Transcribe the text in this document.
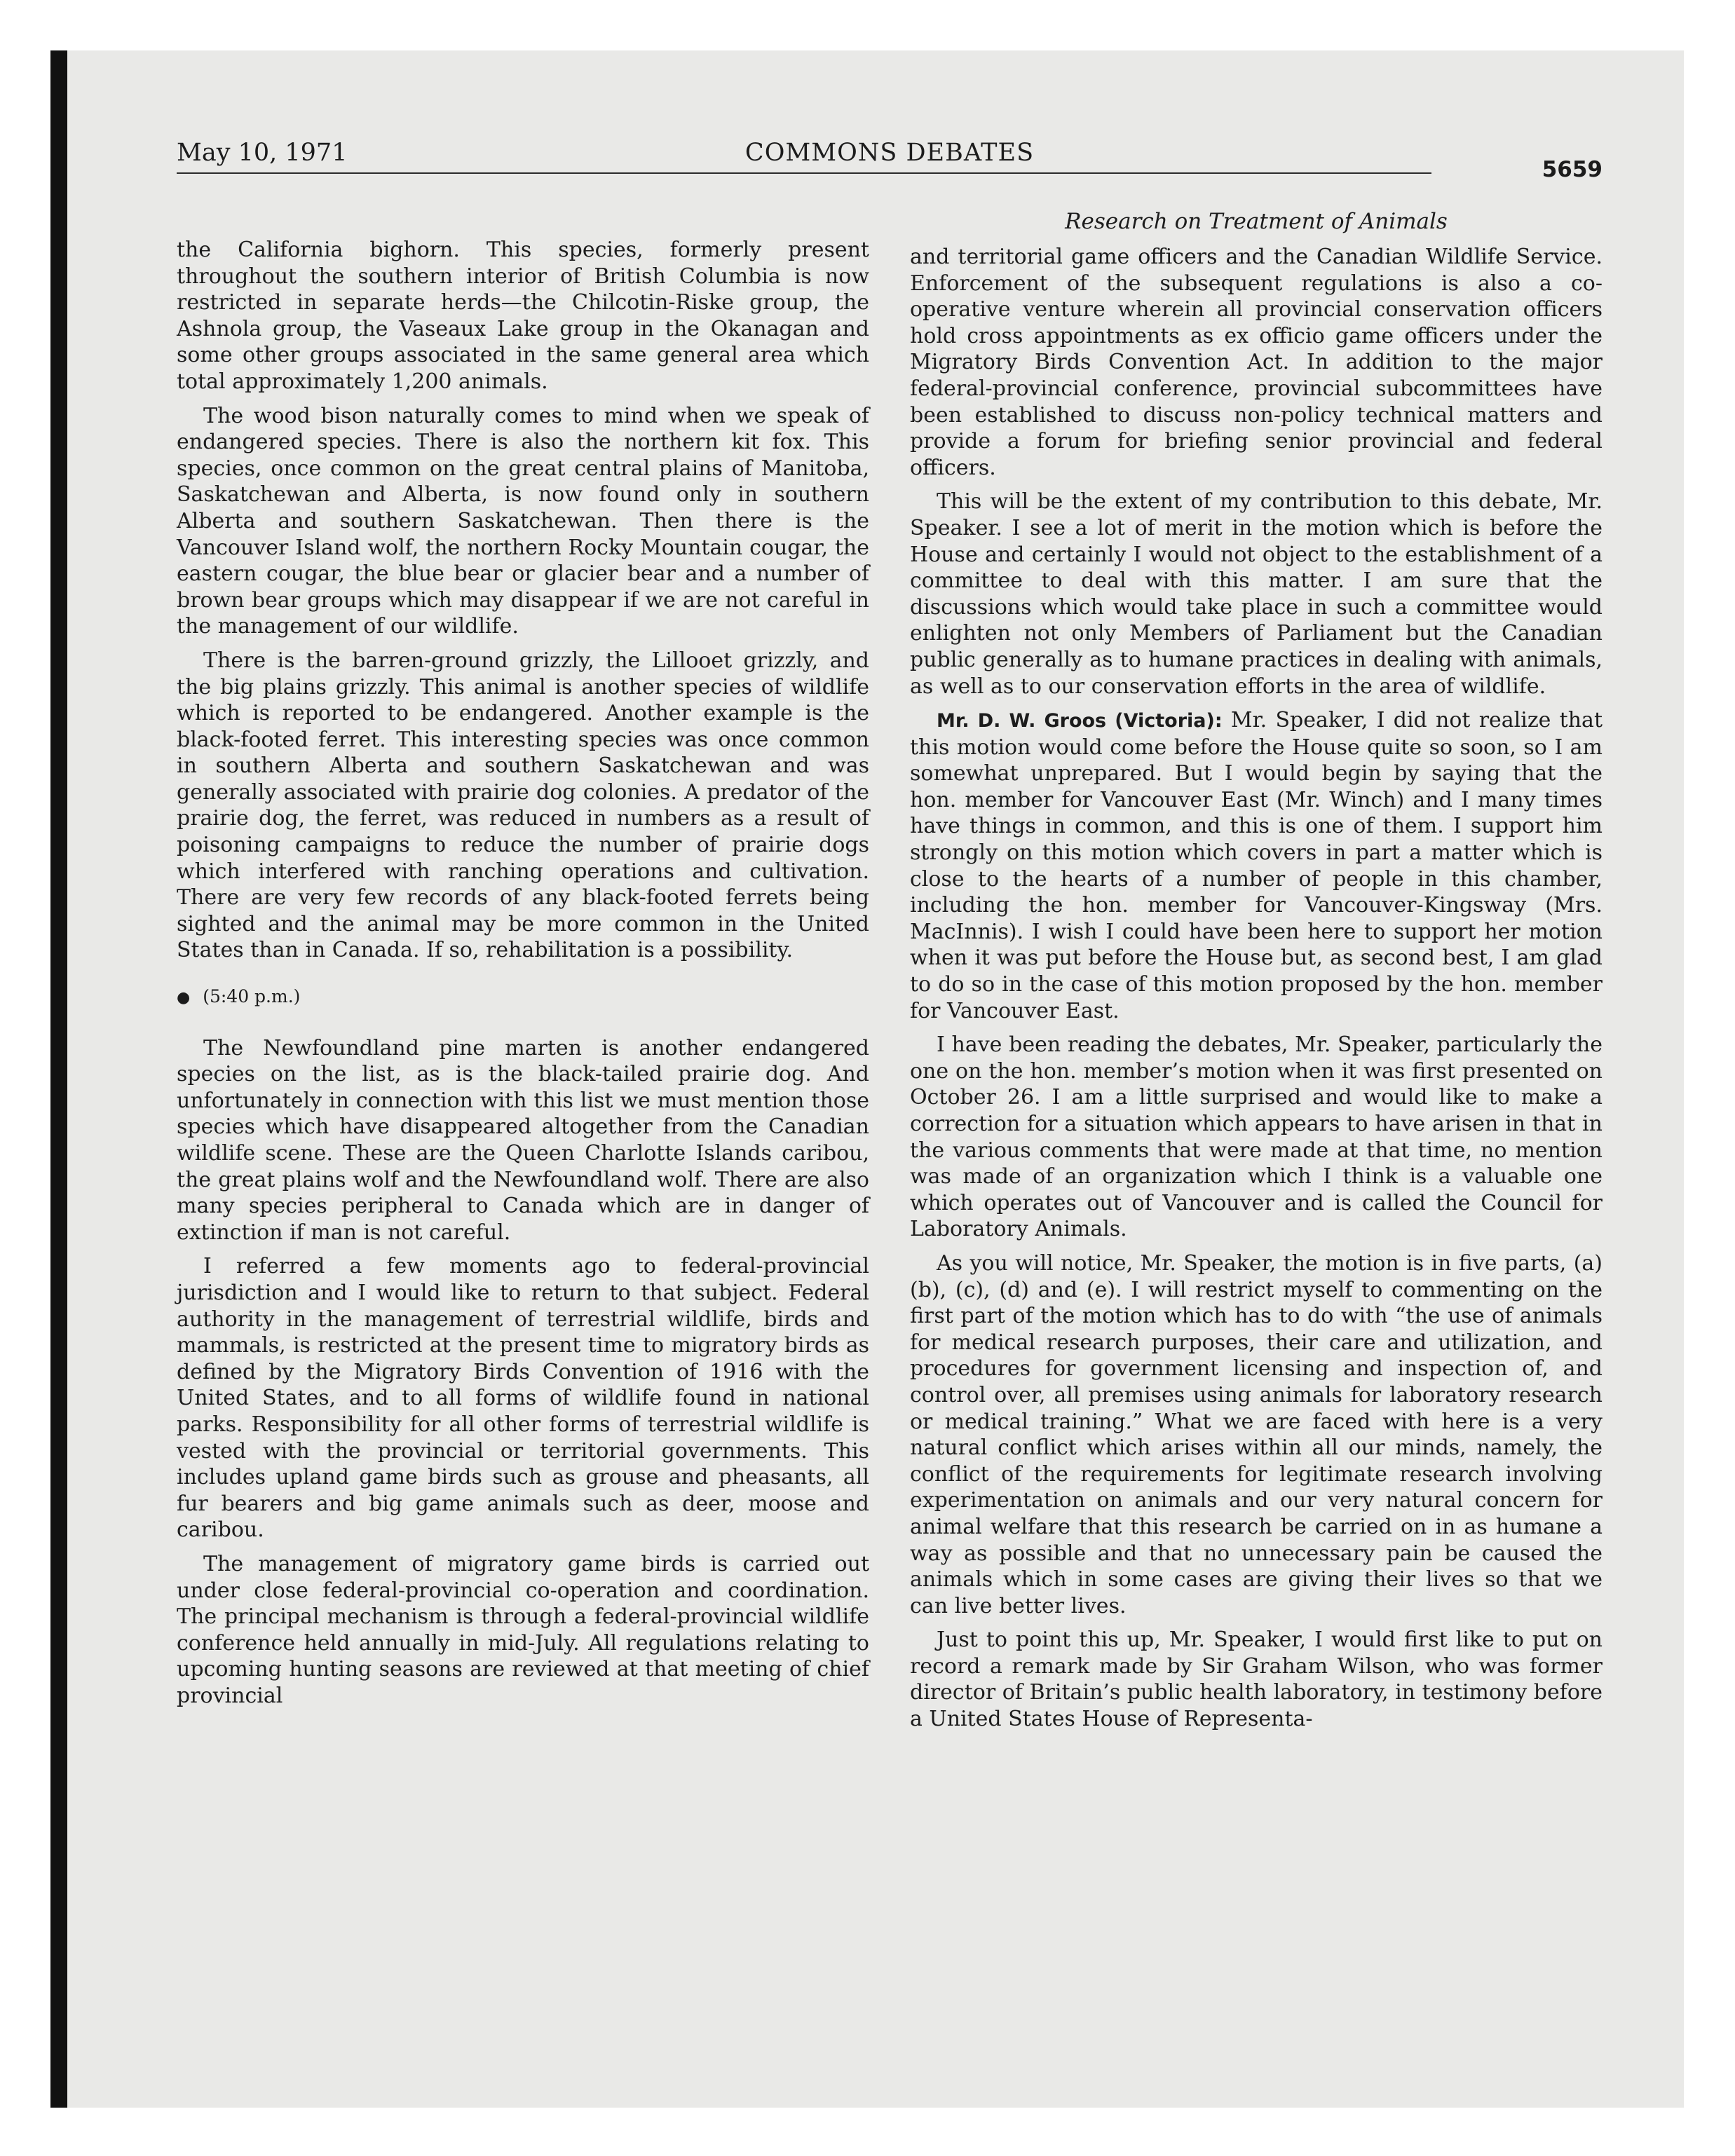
May 10, 1971	COMMONS DEBATES
5659
Research on Treatment of Animals

the California bighorn. This species, formerly present throughout the southern interior of British Columbia is now restricted in separate herds—the Chilcotin-Riske group, the Ashnola group, the Vaseaux Lake group in the Okanagan and some other groups associated in the same general area which total approximately 1,200 animals.

The wood bison naturally comes to mind when we speak of endangered species. There is also the northern kit fox. This species, once common on the great central plains of Manitoba, Saskatchewan and Alberta, is now found only in southern Alberta and southern Saskatchewan. Then there is the Vancouver Island wolf, the northern Rocky Mountain cougar, the eastern cougar, the blue bear or glacier bear and a number of brown bear groups which may disappear if we are not careful in the management of our wildlife.

There is the barren-ground grizzly, the Lillooet grizzly, and the big plains grizzly. This animal is another species of wildlife which is reported to be endangered. Another example is the black-footed ferret. This interesting species was once common in southern Alberta and southern Saskatchewan and was generally associated with prairie dog colonies. A predator of the prairie dog, the ferret, was reduced in numbers as a result of poisoning campaigns to reduce the number of prairie dogs which interfered with ranching operations and cultivation. There are very few records of any black-footed ferrets being sighted and the animal may be more common in the United States than in Canada. If so, rehabilitation is a possibility.

● (5:40 p.m.)

The Newfoundland pine marten is another endangered species on the list, as is the black-tailed prairie dog. And unfortunately in connection with this list we must mention those species which have disappeared altogether from the Canadian wildlife scene. These are the Queen Charlotte Islands caribou, the great plains wolf and the Newfoundland wolf. There are also many species peripheral to Canada which are in danger of extinction if man is not careful.

I referred a few moments ago to federal-provincial jurisdiction and I would like to return to that subject. Federal authority in the management of terrestrial wildlife, birds and mammals, is restricted at the present time to migratory birds as defined by the Migratory Birds Convention of 1916 with the United States, and to all forms of wildlife found in national parks. Responsibility for all other forms of terrestrial wildlife is vested with the provincial or territorial governments. This includes upland game birds such as grouse and pheasants, all fur bearers and big game animals such as deer, moose and caribou.

The management of migratory game birds is carried out under close federal-provincial co-operation and coordination. The principal mechanism is through a federal-provincial wildlife conference held annually in mid-July. All regulations relating to upcoming hunting seasons are reviewed at that meeting of chief provincial

and territorial game officers and the Canadian Wildlife Service. Enforcement of the subsequent regulations is also a co-operative venture wherein all provincial conservation officers hold cross appointments as ex officio game officers under the Migratory Birds Convention Act. In addition to the major federal-provincial conference, provincial subcommittees have been established to discuss non-policy technical matters and provide a forum for briefing senior provincial and federal officers.

This will be the extent of my contribution to this debate, Mr. Speaker. I see a lot of merit in the motion which is before the House and certainly I would not object to the establishment of a committee to deal with this matter. I am sure that the discussions which would take place in such a committee would enlighten not only Members of Parliament but the Canadian public generally as to humane practices in dealing with animals, as well as to our conservation efforts in the area of wildlife.

Mr. D. W. Groos (Victoria): Mr. Speaker, I did not realize that this motion would come before the House quite so soon, so I am somewhat unprepared. But I would begin by saying that the hon. member for Vancouver East (Mr. Winch) and I many times have things in common, and this is one of them. I support him strongly on this motion which covers in part a matter which is close to the hearts of a number of people in this chamber, including the hon. member for Vancouver-Kingsway (Mrs. MacInnis). I wish I could have been here to support her motion when it was put before the House but, as second best, I am glad to do so in the case of this motion proposed by the hon. member for Vancouver East.

I have been reading the debates, Mr. Speaker, particularly the one on the hon. member’s motion when it was first presented on October 26. I am a little surprised and would like to make a correction for a situation which appears to have arisen in that in the various comments that were made at that time, no mention was made of an organization which I think is a valuable one which operates out of Vancouver and is called the Council for Laboratory Animals.

As you will notice, Mr. Speaker, the motion is in five parts, (a) (b), (c), (d) and (e). I will restrict myself to commenting on the first part of the motion which has to do with “the use of animals for medical research purposes, their care and utilization, and procedures for government licensing and inspection of, and control over, all premises using animals for laboratory research or medical training.” What we are faced with here is a very natural conflict which arises within all our minds, namely, the conflict of the requirements for legitimate research involving experimentation on animals and our very natural concern for animal welfare that this research be carried on in as humane a way as possible and that no unnecessary pain be caused the animals which in some cases are giving their lives so that we can live better lives.

Just to point this up, Mr. Speaker, I would first like to put on record a remark made by Sir Graham Wilson, who was former director of Britain’s public health laboratory, in testimony before a United States House of Representa-
